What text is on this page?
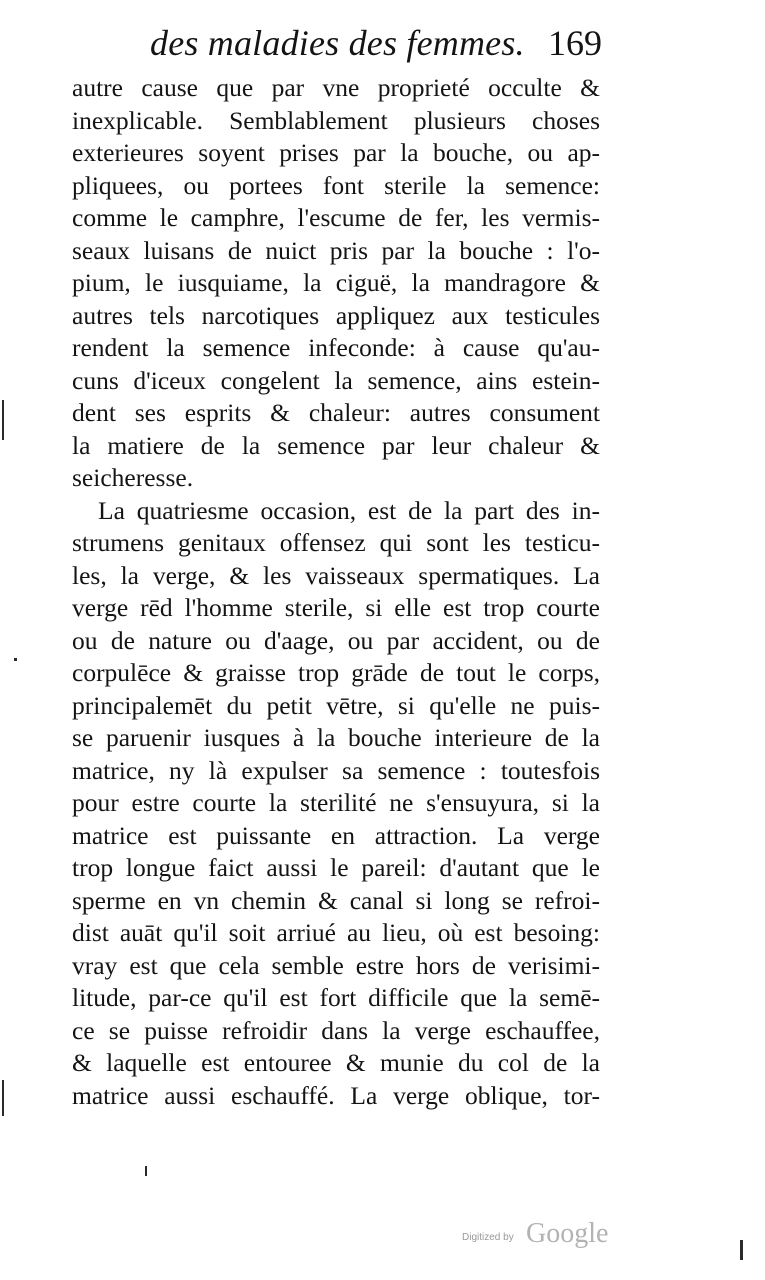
des maladies des femmes. 169
autre cause que par vne proprieté occulte &
inexplicable. Semblablement plusieurs choses
exterieures soyent prises par la bouche, ou ap-
pliquees, ou portees font sterile la semence:
comme le camphre, l'escume de fer, les vermis-
seaux luisans de nuict pris par la bouche : l'o-
pium, le iusquiame, la ciguë, la mandragore &
autres tels narcotiques appliquez aux testicules
rendent la semence infeconde: à cause qu'au-
cuns d'iceux congelent la semence, ains estein-
dent ses esprits & chaleur: autres consument
la matiere de la semence par leur chaleur &
seicheresse.
La quatriesme occasion, est de la part des in-
strumens genitaux offensez qui sont les testicu-
les, la verge, & les vaisseaux spermatiques. La
verge rēd l'homme sterile, si elle est trop courte
ou de nature ou d'aage, ou par accident, ou de
corpulēce & graisse trop grāde de tout le corps,
principalemēt du petit vētre, si qu'elle ne puis-
se paruenir iusques à la bouche interieure de la
matrice, ny là expulser sa semence : toutesfois
pour estre courte la sterilité ne s'ensuyura, si la
matrice est puissante en attraction. La verge
trop longue faict aussi le pareil: d'autant que le
sperme en vn chemin & canal si long se refroi-
dist auāt qu'il soit arriué au lieu, où est besoing:
vray est que cela semble estre hors de verisimi-
litude, par-ce qu'il est fort difficile que la semē-
ce se puisse refroidir dans la verge eschauffee,
& laquelle est entouree & munie du col de la
matrice aussi eschauffé. La verge oblique, tor-
Digitized by Google
